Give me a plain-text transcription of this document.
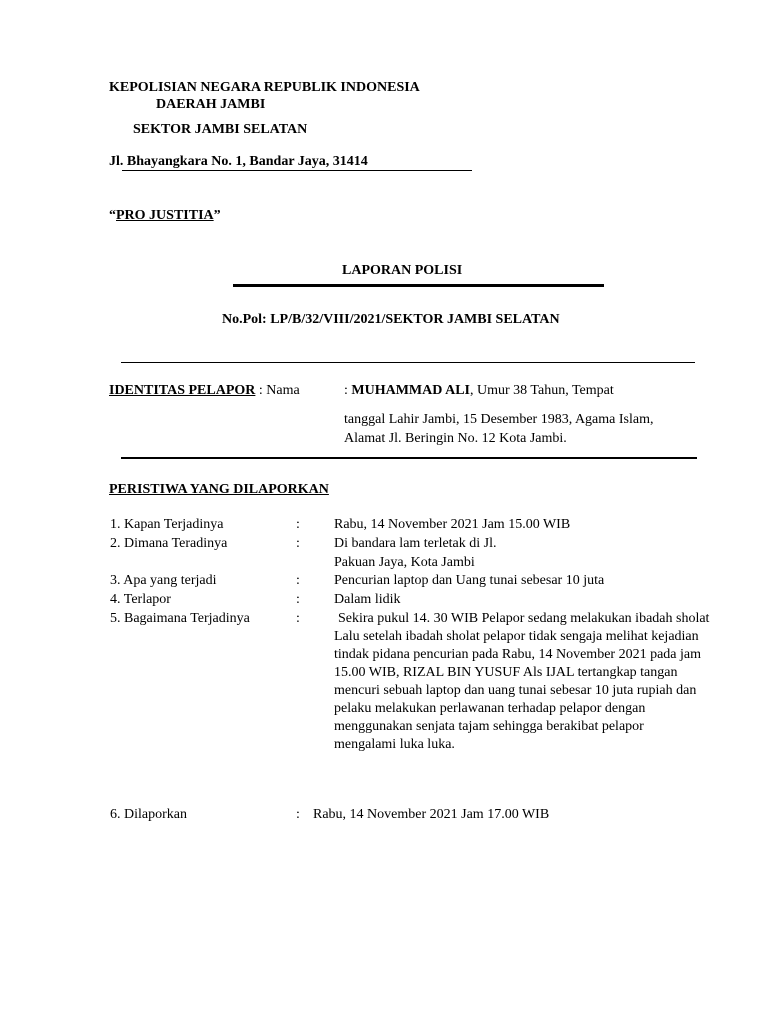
KEPOLISIAN NEGARA REPUBLIK INDONESIA
DAERAH JAMBI
SEKTOR JAMBI SELATAN
Jl. Bhayangkara No. 1, Bandar Jaya, 31414
“PRO JUSTITIA”
LAPORAN POLISI
No.Pol: LP/B/32/VIII/2021/SEKTOR JAMBI SELATAN
IDENTITAS PELAPOR : Nama	: MUHAMMAD ALI, Umur 38 Tahun, Tempat
tanggal Lahir Jambi, 15 Desember 1983, Agama Islam,
Alamat Jl. Beringin No. 12 Kota Jambi.
PERISTIWA YANG DILAPORKAN
1. Kapan Terjadinya	: Rabu, 14 November 2021 Jam 15.00 WIB
2. Dimana Teradinya	: Di bandara lam terletak di Jl.
Pakuan Jaya, Kota Jambi
3. Apa yang terjadi	: Pencurian laptop dan Uang tunai sebesar 10 juta
4. Terlapor	: Dalam lidik
5. Bagaimana Terjadinya	:	Sekira pukul 14. 30 WIB Pelapor sedang melakukan ibadah sholat
Lalu setelah ibadah sholat pelapor tidak sengaja melihat kejadian
tindak pidana pencurian pada Rabu, 14 November 2021 pada jam
15.00 WIB, RIZAL BIN YUSUF Als IJAL tertangkap tangan
mencuri sebuah laptop dan uang tunai sebesar 10 juta rupiah dan
pelaku melakukan perlawanan terhadap pelapor dengan
menggunakan senjata tajam sehingga berakibat pelapor
mengalami luka luka.
6. Dilaporkan	: Rabu, 14 November 2021 Jam 17.00 WIB
